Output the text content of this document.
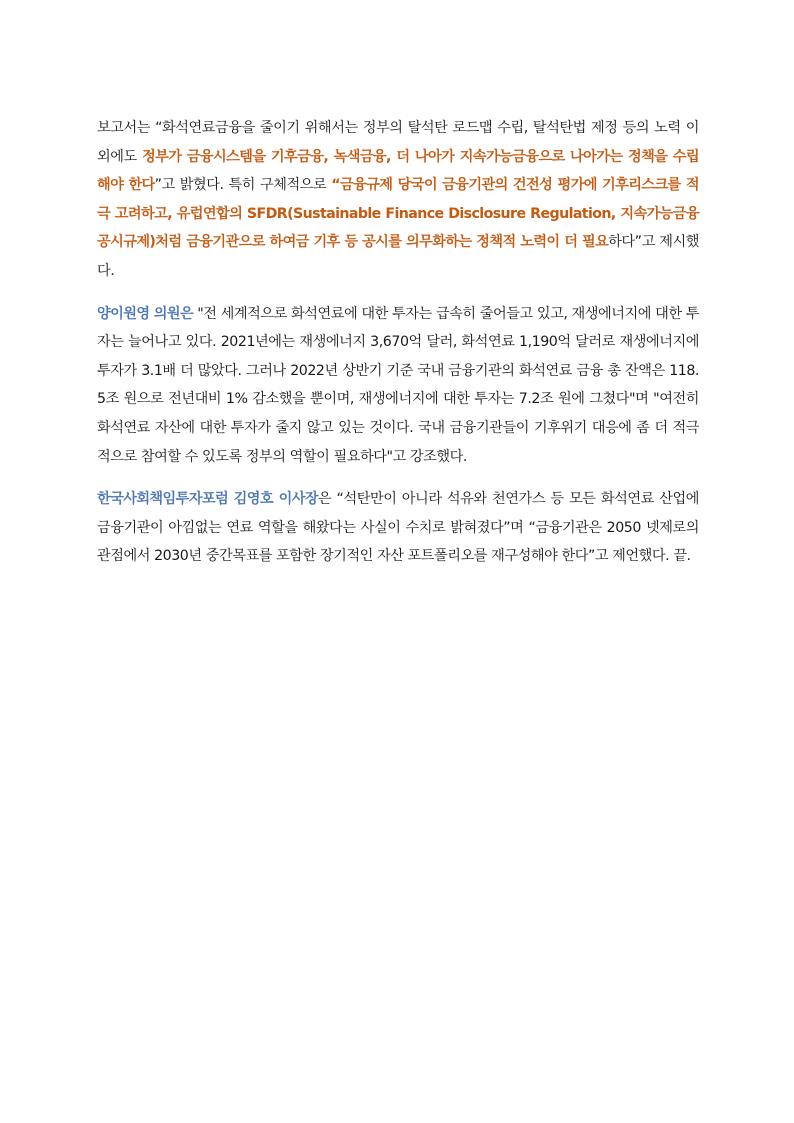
보고서는 “화석연료금융을 줄이기 위해서는 정부의 탈석탄 로드맵 수립, 탈석탄법 제정 등의 노력 이외에도 정부가 금융시스템을 기후금융, 녹색금융, 더 나아가 지속가능금융으로 나아가는 정책을 수립해야 한다”고 밝혔다. 특히 구체적으로 “금융규제 당국이 금융기관의 건전성 평가에 기후리스크를 적극 고려하고, 유럽연합의 SFDR(Sustainable Finance Disclosure Regulation, 지속가능금융공시규제)처럼 금융기관으로 하여금 기후 등 공시를 의무화하는 정책적 노력이 더 필요하다”고 제시했다.

양이원영 의원은 "전 세계적으로 화석연료에 대한 투자는 급속히 줄어들고 있고, 재생에너지에 대한 투자는 늘어나고 있다. 2021년에는 재생에너지 3,670억 달러, 화석연료 1,190억 달러로 재생에너지에 투자가 3.1배 더 많았다. 그러나 2022년 상반기 기준 국내 금융기관의 화석연료 금융 총 잔액은 118.5조 원으로 전년대비 1% 감소했을 뿐이며, 재생에너지에 대한 투자는 7.2조 원에 그쳤다"며 "여전히 화석연료 자산에 대한 투자가 줄지 않고 있는 것이다. 국내 금융기관들이 기후위기 대응에 좀 더 적극적으로 참여할 수 있도록 정부의 역할이 필요하다"고 강조했다.

한국사회책임투자포럼 김영호 이사장은 “석탄만이 아니라 석유와 천연가스 등 모든 화석연료 산업에 금융기관이 아낌없는 연료 역할을 해왔다는 사실이 수치로 밝혀졌다”며 “금융기관은 2050 넷제로의 관점에서 2030년 중간목표를 포함한 장기적인 자산 포트폴리오를 재구성해야 한다”고 제언했다. 끝.
